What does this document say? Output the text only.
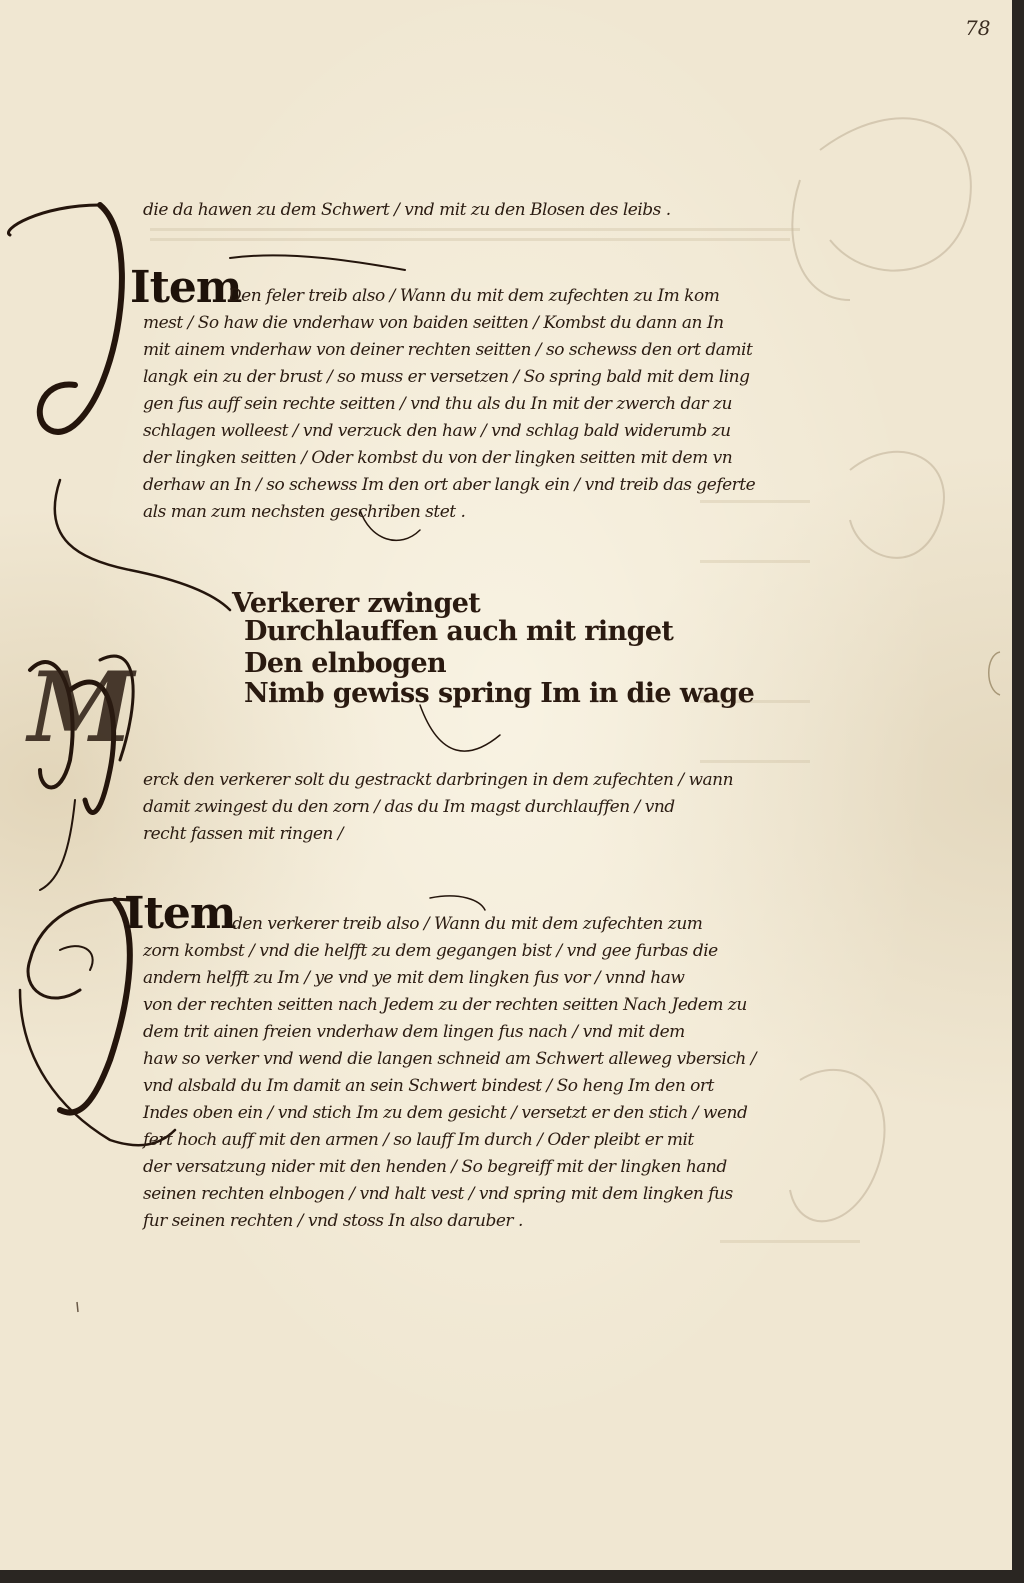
78
die da hawen zu dem Schwert / vnd mit zu den Blosen des leibs .
Item
Den feler treib also / Wann du mit dem zufechten zu Im kom
mest / So haw die vnderhaw von baiden seitten / Kombst du dann an In
mit ainem vnderhaw von deiner rechten seitten / so schewss den ort damit
langk ein zu der brust / so muss er versetzen / So spring bald mit dem ling
gen fus auff sein rechte seitten / vnd thu als du In mit der zwerch dar zu
schlagen wolleest / vnd verzuck den haw / vnd schlag bald widerumb zu
der lingken seitten / Oder kombst du von der lingken seitten mit dem vn
derhaw an In / so schewss Im den ort aber langk ein / vnd treib das geferte
als man zum nechsten geschriben stet .
Verkerer zwinget
Durchlauffen auch mit ringet
Den elnbogen
Nimb gewiss spring Im in die wage
M
erck den verkerer solt du gestrackt darbringen in dem zufechten / wann
damit zwingest du den zorn / das du Im magst durchlauffen / vnd
recht fassen mit ringen /
Item
den verkerer treib also / Wann du mit dem zufechten zum
zorn kombst / vnd die helfft zu dem gegangen bist / vnd gee furbas die
andern helfft zu Im / ye vnd ye mit dem lingken fus vor / vnnd haw
von der rechten seitten nach Jedem zu der rechten seitten Nach Jedem zu
dem trit ainen freien vnderhaw dem lingen fus nach / vnd mit dem
haw so verker vnd wend die langen schneid am Schwert alleweg vbersich /
vnd alsbald du Im damit an sein Schwert bindest / So heng Im den ort
Indes oben ein / vnd stich Im zu dem gesicht / versetzt er den stich / wend
fert hoch auff mit den armen / so lauff Im durch / Oder pleibt er mit
der versatzung nider mit den henden / So begreiff mit der lingken hand
seinen rechten elnbogen / vnd halt vest / vnd spring mit dem lingken fus
fur seinen rechten / vnd stoss In also daruber .
